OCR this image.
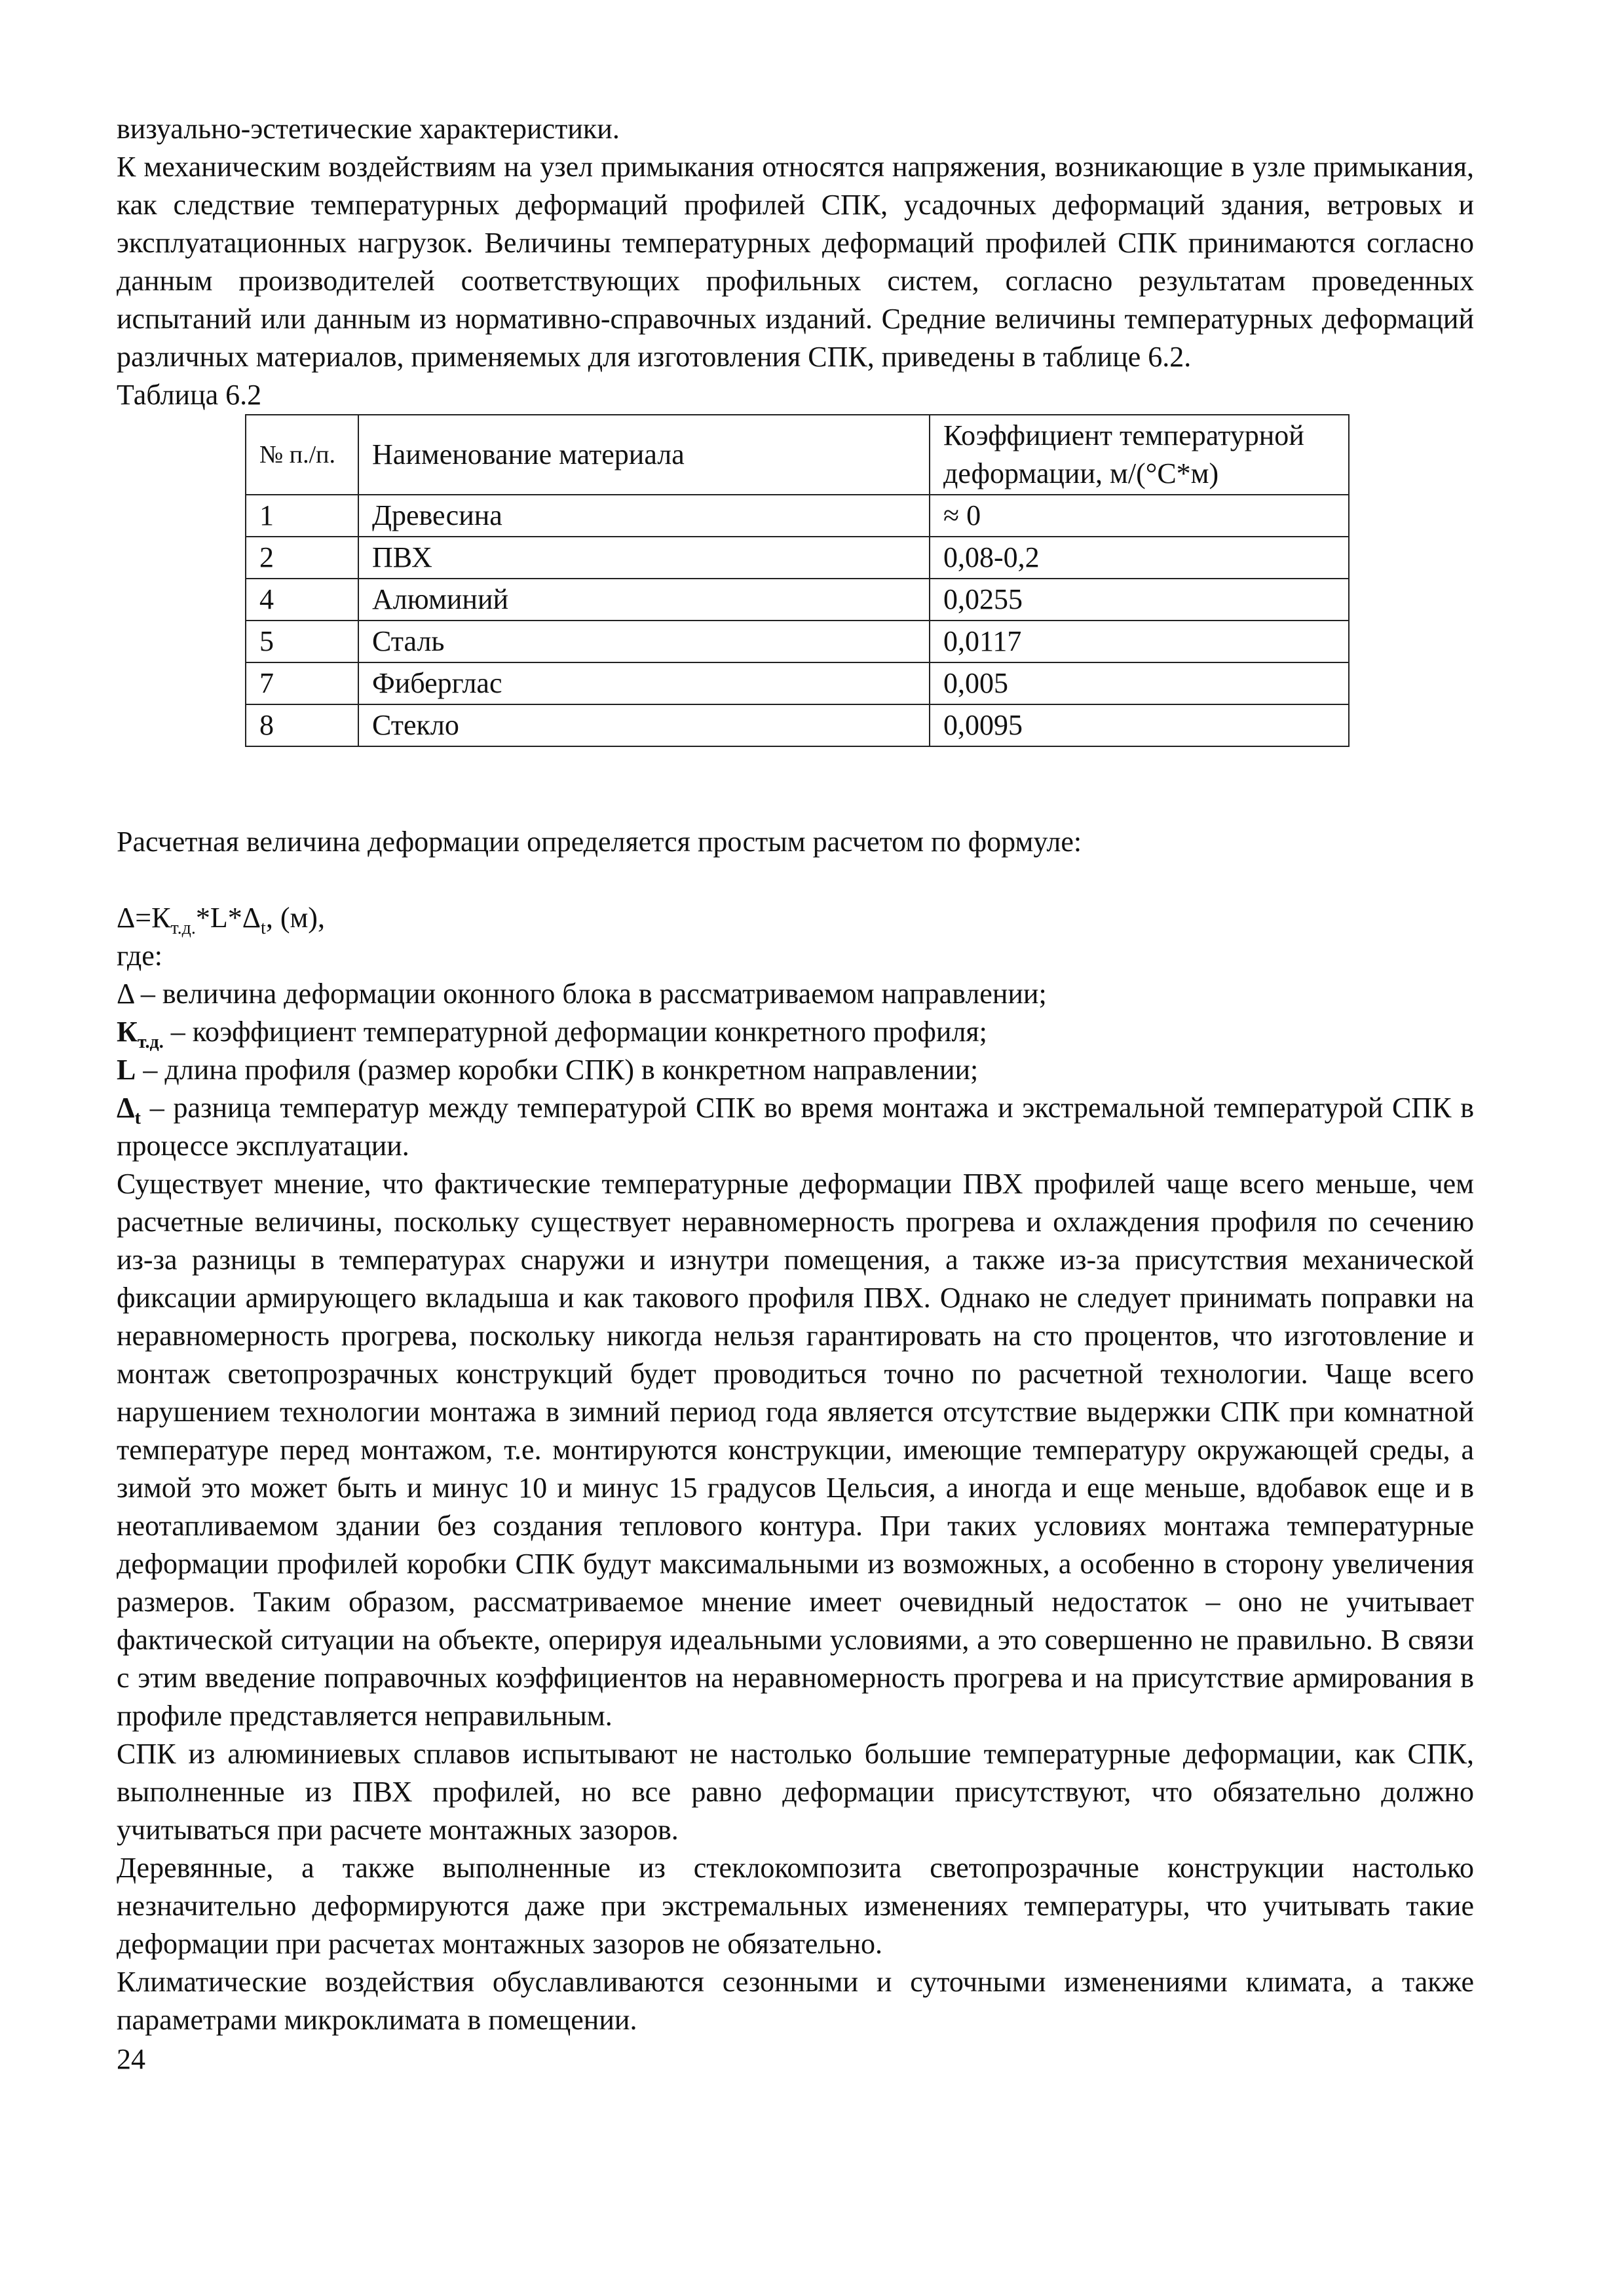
визуально-эстетические характеристики.

К механическим воздействиям на узел примыкания относятся напряжения, возникающие в узле примыкания, как следствие температурных деформаций профилей СПК, усадочных деформаций здания, ветровых и эксплуатационных нагрузок. Величины температурных деформаций профилей СПК принимаются согласно данным производителей соответствующих профильных систем, согласно результатам проведенных испытаний или данным из нормативно-справочных изданий. Средние величины температурных деформаций различных материалов, применяемых для изготовления СПК, приведены в таблице 6.2.

Таблица 6.2

№ п./п.	Наименование материала	Коэффициент температурной деформации, м/(°C*м)
1	Древесина	≈ 0
2	ПВХ	0,08-0,2
4	Алюминий	0,0255
5	Сталь	0,0117
7	Фиберглас	0,005
8	Стекло	0,0095

Расчетная величина деформации определяется простым расчетом по формуле:

$\Delta=К_{т.д.}*L*\Delta_t$, (м),

где:

Δ – величина деформации оконного блока в рассматриваемом направлении;

$К_{т.д.}$ – коэффициент температурной деформации конкретного профиля;

L – длина профиля (размер коробки СПК) в конкретном направлении;

$\Delta_t$ – разница температур между температурой СПК во время монтажа и экстремальной температурой СПК в процессе эксплуатации.

Существует мнение, что фактические температурные деформации ПВХ профилей чаще всего меньше, чем расчетные величины, поскольку существует неравномерность прогрева и охлаждения профиля по сечению из-за разницы в температурах снаружи и изнутри помещения, а также из-за присутствия механической фиксации армирующего вкладыша и как такового профиля ПВХ. Однако не следует принимать поправки на неравномерность прогрева, поскольку никогда нельзя гарантировать на сто процентов, что изготовление и монтаж светопрозрачных конструкций будет проводиться точно по расчетной технологии. Чаще всего нарушением технологии монтажа в зимний период года является отсутствие выдержки СПК при комнатной температуре перед монтажом, т.е. монтируются конструкции, имеющие температуру окружающей среды, а зимой это может быть и минус 10 и минус 15 градусов Цельсия, а иногда и еще меньше, вдобавок еще и в неотапливаемом здании без создания теплового контура. При таких условиях монтажа температурные деформации профилей коробки СПК будут максимальными из возможных, а особенно в сторону увеличения размеров. Таким образом, рассматриваемое мнение имеет очевидный недостаток – оно не учитывает фактической ситуации на объекте, оперируя идеальными условиями, а это совершенно не правильно. В связи с этим введение поправочных коэффициентов на неравномерность прогрева и на присутствие армирования в профиле представляется неправильным.

СПК из алюминиевых сплавов испытывают не настолько большие температурные деформации, как СПК, выполненные из ПВХ профилей, но все равно деформации присутствуют, что обязательно должно учитываться при расчете монтажных зазоров.

Деревянные, а также выполненные из стеклокомпозита светопрозрачные конструкции настолько незначительно деформируются даже при экстремальных изменениях температуры, что учитывать такие деформации при расчетах монтажных зазоров не обязательно.

Климатические воздействия обуславливаются сезонными и суточными изменениями климата, а также параметрами микроклимата в помещении.

24
